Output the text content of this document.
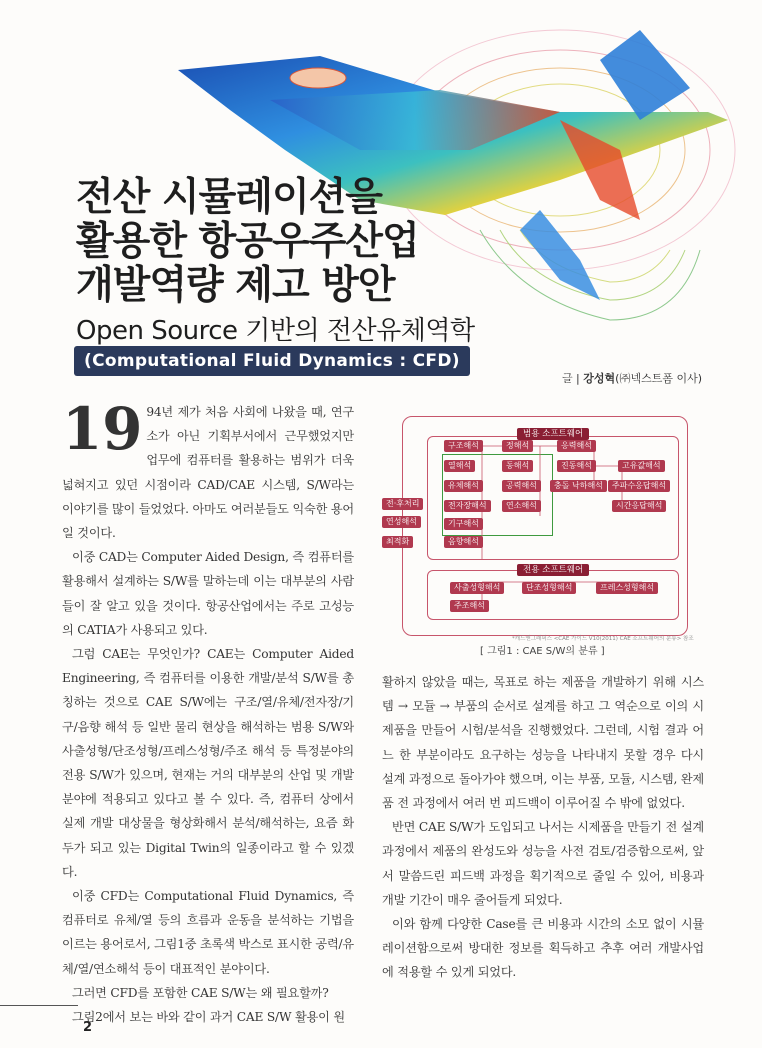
전산 시뮬레이션을
활용한 항공우주산업
개발역량 제고 방안
Open Source 기반의 전산유체역학
(Computational Fluid Dynamics : CFD)
글 | 강성혁(㈜넥스트폼 이사)

19 94년 제가 처음 사회에 나왔을 때, 연구소가 아닌 기획부서에서 근무했었지만 업무에 컴퓨터를 활용하는 범위가 더욱 넓혀지고 있던 시점이라 CAD/CAE 시스템, S/W라는 이야기를 많이 들었었다. 아마도 여러분들도 익숙한 용어일 것이다.

이중 CAD는 Computer Aided Design, 즉 컴퓨터를 활용해서 설계하는 S/W를 말하는데 이는 대부분의 사람들이 잘 알고 있을 것이다. 항공산업에서는 주로 고성능의 CATIA가 사용되고 있다.

그럼 CAE는 무엇인가? CAE는 Computer Aided Engineering, 즉 컴퓨터를 이용한 개발/분석 S/W를 총칭하는 것으로 CAE S/W에는 구조/열/유체/전자장/기구/음향 해석 등 일반 물리 현상을 해석하는 범용 S/W와 사출성형/단조성형/프레스성형/주조 해석 등 특정분야의 전용 S/W가 있으며, 현재는 거의 대부분의 산업 및 개발분야에 적용되고 있다고 볼 수 있다. 즉, 컴퓨터 상에서 실제 개발 대상물을 형상화해서 분석/해석하는, 요즘 화두가 되고 있는 Digital Twin의 일종이라고 할 수 있겠다.

이중 CFD는 Computational Fluid Dynamics, 즉 컴퓨터로 유체/열 등의 흐름과 운동을 분석하는 기법을 이르는 용어로서, 그림1중 초록색 박스로 표시한 공력/유체/열/연소해석 등이 대표적인 분야이다.

그러면 CFD를 포함한 CAE S/W는 왜 필요할까?

그림2에서 보는 바와 같이 과거 CAE S/W 활용이 원

범용 소프트웨어
구조해석
열해석
유체해석
전자장해석
기구해석
음향해석
정해석
동해석
공력해석
연소해석
응력해석
진동해석
충돌 낙하해석
고유값해석
주파수응답해석
시간응답해석
전·후처리
연성해석
최적화
전용 소프트웨어
사출성형해석	단조성형해석	프레스성형해석
주조해석
*캐드앤그래픽스 <CAE 가이드 V10(2011) CAE 소프트웨어의 분류> 참조
[ 그림1 : CAE S/W의 분류 ]

활하지 않았을 때는, 목표로 하는 제품을 개발하기 위해 시스템 → 모듈 → 부품의 순서로 설계를 하고 그 역순으로 이의 시제품을 만들어 시험/분석을 진행했었다. 그런데, 시험 결과 어느 한 부분이라도 요구하는 성능을 나타내지 못할 경우 다시 설계 과정으로 돌아가야 했으며, 이는 부품, 모듈, 시스템, 완제품 전 과정에서 여러 번 피드백이 이루어질 수 밖에 없었다.

반면 CAE S/W가 도입되고 나서는 시제품을 만들기 전 설계과정에서 제품의 완성도와 성능을 사전 검토/검증함으로써, 앞서 말씀드린 피드백 과정을 획기적으로 줄일 수 있어, 비용과 개발 기간이 매우 줄어들게 되었다.

이와 함께 다양한 Case를 큰 비용과 시간의 소모 없이 시뮬레이션함으로써 방대한 정보를 획득하고 추후 여러 개발사업에 적용할 수 있게 되었다.

2
